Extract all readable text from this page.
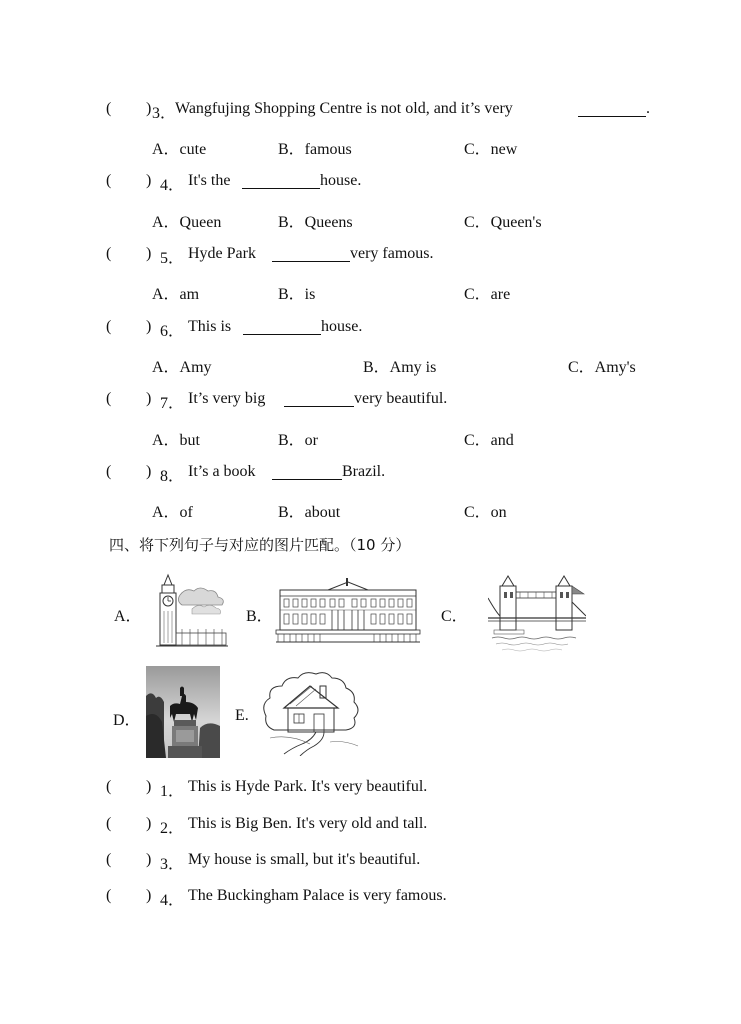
( ) 3．
Wangfujing Shopping Centre is not old, and it’s very	.
A．cute	B．famous	C．new
( ) 4． It's the	house.
A．Queen	B．Queens	C．Queen's
( ) 5． Hyde Park	very famous.
A．am	B．is	C．are
( ) 6． This is	house.
A．Amy	B．Amy is	C．Amy's
( ) 7． It’s very big	very beautiful.
A．but	B．or	C．and
( ) 8． It’s a book	Brazil.
A．of	B．about	C．on
四、将下列句子与对应的图片匹配。（10 分）
A．	B．	C．
D．	E.
( ) 1． This is Hyde Park. It's very beautiful.
( ) 2． This is Big Ben. It's very old and tall.
( ) 3． My house is small, but it's beautiful.
( ) 4． The Buckingham Palace is very famous.
